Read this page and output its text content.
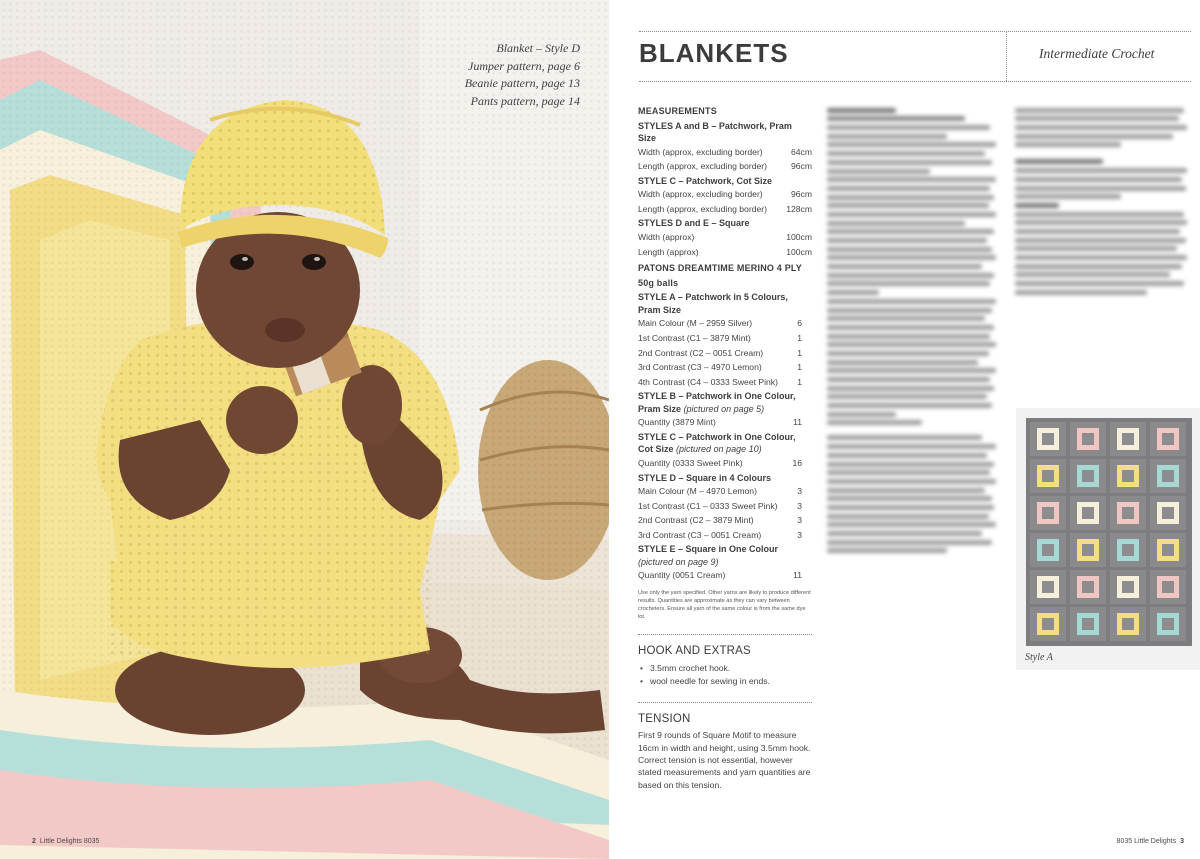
Blanket – Style D
Jumper pattern, page 6
Beanie pattern, page 13
Pants pattern, page 14
2 Little Delights 8035
BLANKETS	Intermediate Crochet
MEASUREMENTS
STYLES A and B – Patchwork, Pram Size
Width (approx, excluding border)	64cm
Length (approx, excluding border)	96cm
STYLE C – Patchwork, Cot Size
Width (approx, excluding border)	96cm
Length (approx, excluding border) 128cm
STYLES D and E – Square
Width (approx)	100cm
Length (approx)	100cm
PATONS DREAMTIME MERINO 4 PLY 50g balls
STYLE A – Patchwork in 5 Colours, Pram Size
Main Colour (M – 2959 Silver)	6
1st Contrast (C1 – 3879 Mint)	1
2nd Contrast (C2 – 0051 Cream)	1
3rd Contrast (C3 – 4970 Lemon)	1
4th Contrast (C4 – 0333 Sweet Pink)	1
STYLE B – Patchwork in One Colour, Pram Size (pictured on page 5)
Quantity (3879 Mint)	11
STYLE C – Patchwork in One Colour, Cot Size (pictured on page 10)
Quantity (0333 Sweet Pink)	16
STYLE D – Square in 4 Colours
Main Colour (M – 4970 Lemon)	3
1st Contrast (C1 – 0333 Sweet Pink)	3
2nd Contrast (C2 – 3879 Mint)	3
3rd Contrast (C3 – 0051 Cream)	3
STYLE E – Square in One Colour
(pictured on page 9)
Quantity (0051 Cream)	11
Use only the yarn specified. Other yarns are likely to produce different results. Quantities are approximate as they can vary between crocheters. Ensure all yarn of the same colour is from the same dye lot.
HOOK AND EXTRAS
• 3.5mm crochet hook.
• wool needle for sewing in ends.
TENSION
First 9 rounds of Square Motif to measure 16cm in width and height, using 3.5mm hook. Correct tension is not essential, however stated measurements and yarn quantities are based on this tension.
Style A
8035 Little Delights 3
